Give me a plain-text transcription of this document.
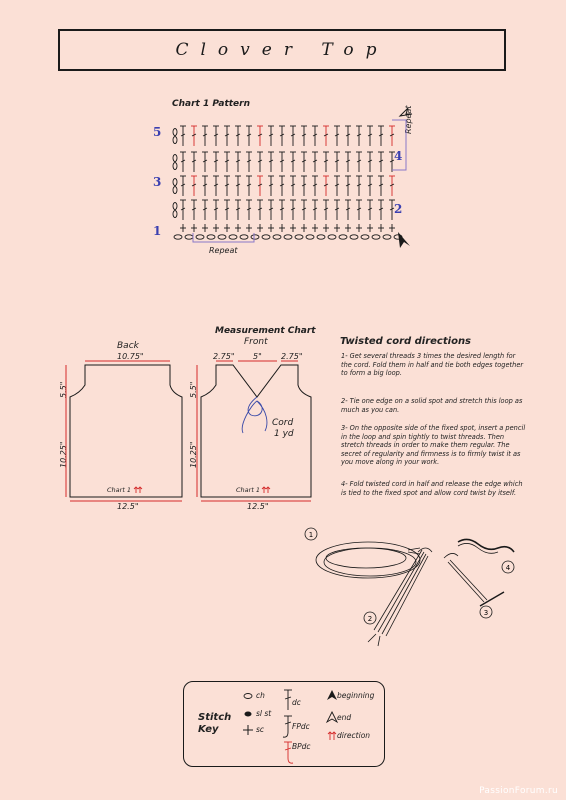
Clover Top
Chart 1 Pattern
5
4
3
2
1
Repeat
Repeat
Measurement Chart
Back	Front
10.75"
5.5"
10.25"
12.5"
Chart 1
2.75" 5" 2.75"
5.5"
10.25"
12.5"
Chart 1
Cord
1 yd
Twisted cord directions
1- Get several threads 3 times the desired length for the cord. Fold them in half and tie both edges together to form a big loop.
2- Tie one edge on a solid spot and stretch this loop as much as you can.
3- On the opposite side of the fixed spot, insert a pencil in the loop and spin tightly to twist threads. Then stretch threads in order to make them regular. The secret of regularity and firmness is to firmly twist it as you move along in your work.
4- Fold twisted cord in half and release the edge which is tied to the fixed spot and allow cord twist by itself.
1
2
3
4
Stitch
Key
ch
sl st
sc
dc
FPdc
BPdc
beginning
end
direction
PassionForum.ru
